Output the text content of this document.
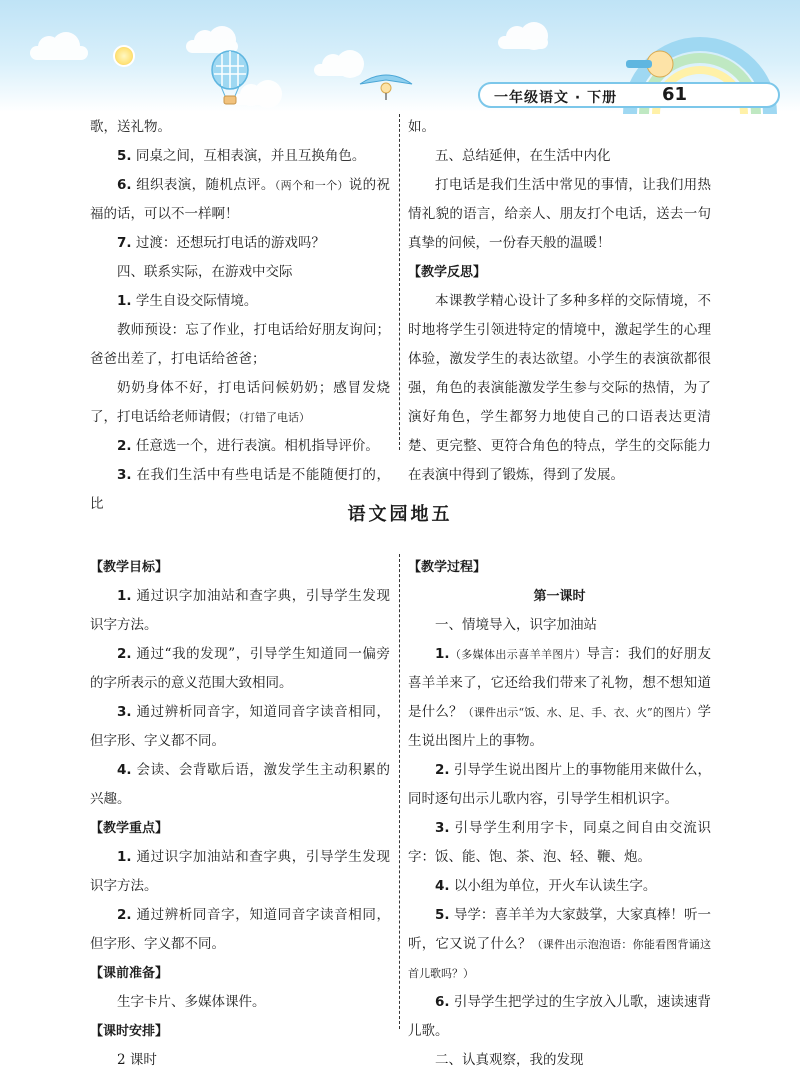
一年级语文 · 下册 61

歌，送礼物。

5. 同桌之间，互相表演，并且互换角色。

6. 组织表演，随机点评。（两个和一个）说的祝福的话，可以不一样啊！

7. 过渡：还想玩打电话的游戏吗？

四、联系实际，在游戏中交际

1. 学生自设交际情境。

教师预设：忘了作业，打电话给好朋友询问；爸爸出差了，打电话给爸爸；

奶奶身体不好，打电话问候奶奶；感冒发烧了，打电话给老师请假；（打错了电话）

2. 任意选一个，进行表演。相机指导评价。

3. 在我们生活中有些电话是不能随便打的，比

如。

五、总结延伸，在生活中内化

打电话是我们生活中常见的事情，让我们用热情礼貌的语言，给亲人、朋友打个电话，送去一句真挚的问候，一份春天般的温暖！

【教学反思】

本课教学精心设计了多种多样的交际情境，不时地将学生引领进特定的情境中，激起学生的心理体验，激发学生的表达欲望。小学生的表演欲都很强，角色的表演能激发学生参与交际的热情，为了演好角色，学生都努力地使自己的口语表达更清楚、更完整、更符合角色的特点，学生的交际能力在表演中得到了锻炼，得到了发展。

语文园地五

【教学目标】

1. 通过识字加油站和查字典，引导学生发现识字方法。

2. 通过“我的发现”，引导学生知道同一偏旁的字所表示的意义范围大致相同。

3. 通过辨析同音字，知道同音字读音相同，但字形、字义都不同。

4. 会读、会背歇后语，激发学生主动积累的兴趣。

【教学重点】

1. 通过识字加油站和查字典，引导学生发现识字方法。

2. 通过辨析同音字，知道同音字读音相同，但字形、字义都不同。

【课前准备】

生字卡片、多媒体课件。

【课时安排】

2 课时

【教学过程】

第一课时

一、情境导入，识字加油站

1.（多媒体出示喜羊羊图片）导言：我们的好朋友喜羊羊来了，它还给我们带来了礼物，想不想知道是什么？（课件出示“饭、水、足、手、衣、火”的图片）学生说出图片上的事物。

2. 引导学生说出图片上的事物能用来做什么，同时逐句出示儿歌内容，引导学生相机识字。

3. 引导学生利用字卡，同桌之间自由交流识字：饭、能、饱、茶、泡、轻、鞭、炮。

4. 以小组为单位，开火车认读生字。

5. 导学：喜羊羊为大家鼓掌，大家真棒！听一听，它又说了什么？（课件出示泡泡语：你能看图背诵这首儿歌吗？）

6. 引导学生把学过的生字放入儿歌，速读速背儿歌。

二、认真观察，我的发现
